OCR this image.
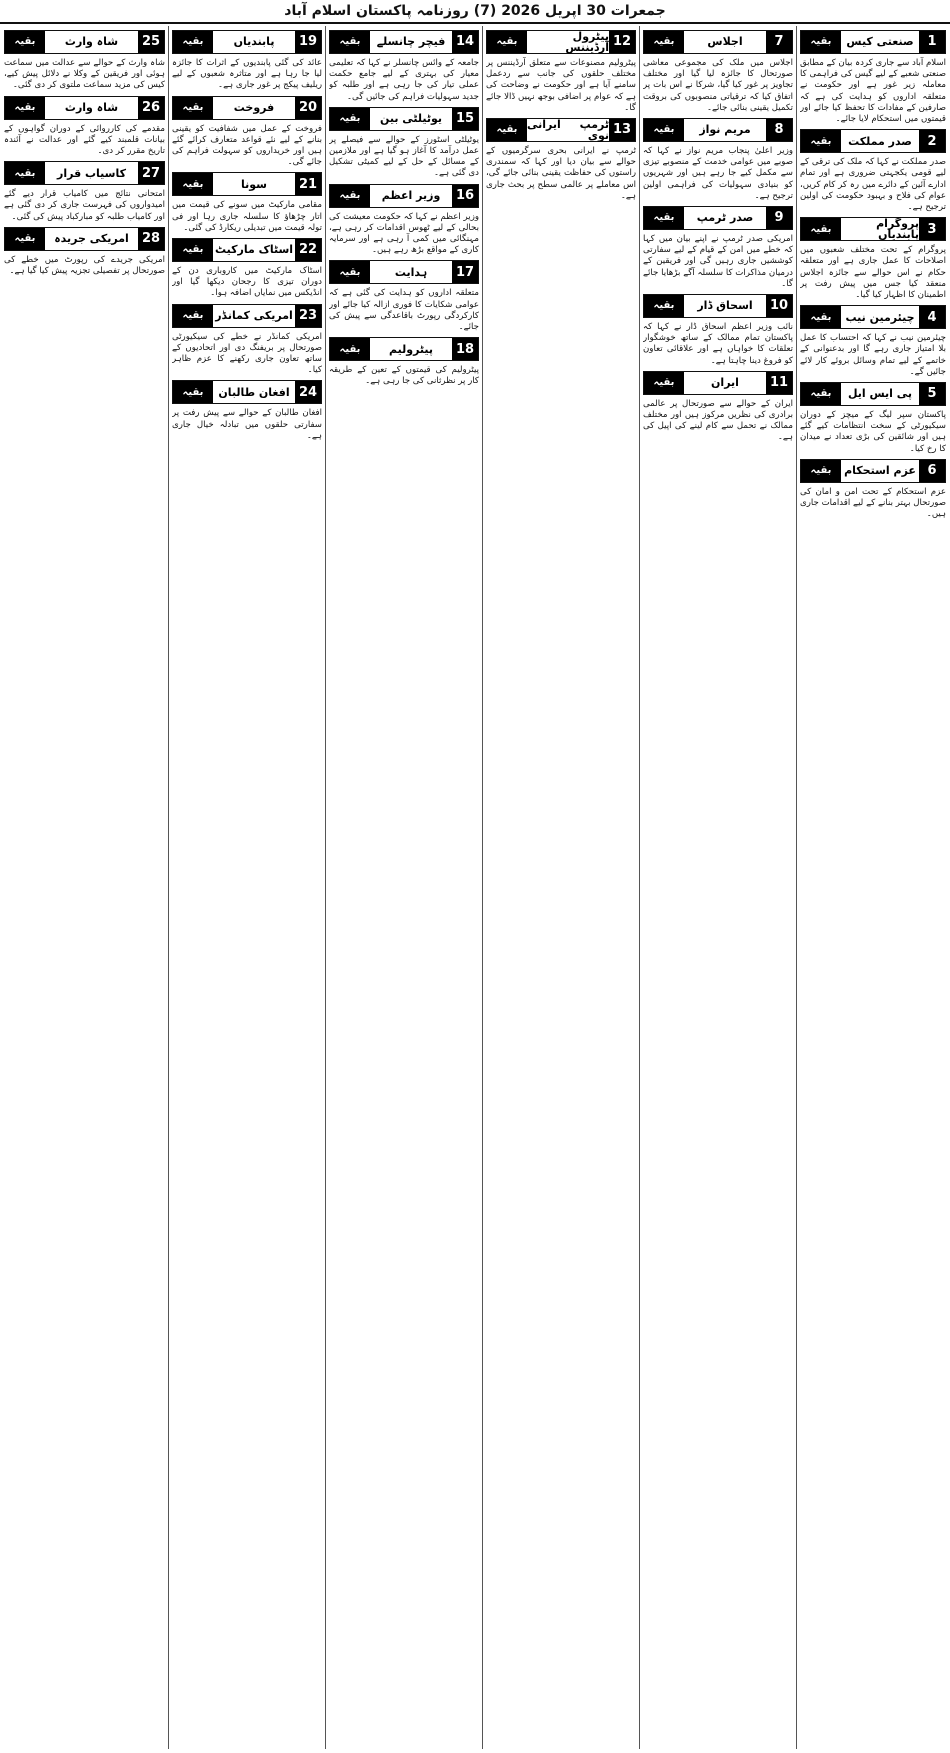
جمعرات 30 اپریل 2026 (7) روزنامہ پاکستان اسلام آباد
1
صنعتی کیس
بقیہ

اسلام آباد سے جاری کردہ بیان کے مطابق صنعتی شعبے کے لیے گیس کی فراہمی کا معاملہ زیر غور ہے اور حکومت نے متعلقہ اداروں کو ہدایت کی ہے کہ صارفین کے مفادات کا تحفظ کیا جائے اور قیمتوں میں استحکام لایا جائے۔

2
صدر مملکت
بقیہ

صدر مملکت نے کہا کہ ملک کی ترقی کے لیے قومی یکجہتی ضروری ہے اور تمام ادارے آئین کے دائرے میں رہ کر کام کریں، عوام کی فلاح و بہبود حکومت کی اولین ترجیح ہے۔

3
پروگرام پابندیاں
بقیہ

پروگرام کے تحت مختلف شعبوں میں اصلاحات کا عمل جاری ہے اور متعلقہ حکام نے اس حوالے سے جائزہ اجلاس منعقد کیا جس میں پیش رفت پر اطمینان کا اظہار کیا گیا۔

4
چیئرمین نیب
بقیہ

چیئرمین نیب نے کہا کہ احتساب کا عمل بلا امتیاز جاری رہے گا اور بدعنوانی کے خاتمے کے لیے تمام وسائل بروئے کار لائے جائیں گے۔

5
پی ایس ایل
بقیہ

پاکستان سپر لیگ کے میچز کے دوران سیکیورٹی کے سخت انتظامات کیے گئے ہیں اور شائقین کی بڑی تعداد نے میدان کا رخ کیا۔

6
عزم استحکام
بقیہ

عزم استحکام کے تحت امن و امان کی صورتحال بہتر بنانے کے لیے اقدامات جاری ہیں۔

7
اجلاس
بقیہ

اجلاس میں ملک کی مجموعی معاشی صورتحال کا جائزہ لیا گیا اور مختلف تجاویز پر غور کیا گیا، شرکا نے اس بات پر اتفاق کیا کہ ترقیاتی منصوبوں کی بروقت تکمیل یقینی بنائی جائے۔

8
مریم نواز
بقیہ

وزیر اعلیٰ پنجاب مریم نواز نے کہا کہ صوبے میں عوامی خدمت کے منصوبے تیزی سے مکمل کیے جا رہے ہیں اور شہریوں کو بنیادی سہولیات کی فراہمی اولین ترجیح ہے۔

9
صدر ٹرمپ
بقیہ

امریکی صدر ٹرمپ نے اپنے بیان میں کہا کہ خطے میں امن کے قیام کے لیے سفارتی کوششیں جاری رہیں گی اور فریقین کے درمیان مذاکرات کا سلسلہ آگے بڑھایا جائے گا۔

10
اسحاق ڈار
بقیہ

نائب وزیر اعظم اسحاق ڈار نے کہا کہ پاکستان تمام ممالک کے ساتھ خوشگوار تعلقات کا خواہاں ہے اور علاقائی تعاون کو فروغ دینا چاہتا ہے۔

11
ایران
بقیہ

ایران کے حوالے سے صورتحال پر عالمی برادری کی نظریں مرکوز ہیں اور مختلف ممالک نے تحمل سے کام لینے کی اپیل کی ہے۔

12
پیٹرول آرڈیننس
بقیہ

پیٹرولیم مصنوعات سے متعلق آرڈیننس پر مختلف حلقوں کی جانب سے ردعمل سامنے آیا ہے اور حکومت نے وضاحت کی ہے کہ عوام پر اضافی بوجھ نہیں ڈالا جائے گا۔

13
ٹرمپ ایرانی نوی
بقیہ

ٹرمپ نے ایرانی بحری سرگرمیوں کے حوالے سے بیان دیا اور کہا کہ سمندری راستوں کی حفاظت یقینی بنائی جائے گی، اس معاملے پر عالمی سطح پر بحث جاری ہے۔

14
فیچر چانسلے
بقیہ

جامعہ کے وائس چانسلر نے کہا کہ تعلیمی معیار کی بہتری کے لیے جامع حکمت عملی تیار کی جا رہی ہے اور طلبہ کو جدید سہولیات فراہم کی جائیں گی۔

15
یوٹیلٹی بین
بقیہ

یوٹیلٹی اسٹورز کے حوالے سے فیصلے پر عمل درآمد کا آغاز ہو گیا ہے اور ملازمین کے مسائل کے حل کے لیے کمیٹی تشکیل دی گئی ہے۔

16
وزیر اعظم
بقیہ

وزیر اعظم نے کہا کہ حکومت معیشت کی بحالی کے لیے ٹھوس اقدامات کر رہی ہے، مہنگائی میں کمی آ رہی ہے اور سرمایہ کاری کے مواقع بڑھ رہے ہیں۔

17
ہدایت
بقیہ

متعلقہ اداروں کو ہدایت کی گئی ہے کہ عوامی شکایات کا فوری ازالہ کیا جائے اور کارکردگی رپورٹ باقاعدگی سے پیش کی جائے۔

18
پیٹرولیم
بقیہ

پیٹرولیم کی قیمتوں کے تعین کے طریقہ کار پر نظرثانی کی جا رہی ہے۔

19
پابندیاں
بقیہ

عائد کی گئی پابندیوں کے اثرات کا جائزہ لیا جا رہا ہے اور متاثرہ شعبوں کے لیے ریلیف پیکج پر غور جاری ہے۔

20
فروخت
بقیہ

فروخت کے عمل میں شفافیت کو یقینی بنانے کے لیے نئے قواعد متعارف کرائے گئے ہیں اور خریداروں کو سہولت فراہم کی جائے گی۔

21
سونا
بقیہ

مقامی مارکیٹ میں سونے کی قیمت میں اتار چڑھاؤ کا سلسلہ جاری رہا اور فی تولہ قیمت میں تبدیلی ریکارڈ کی گئی۔

22
اسٹاک مارکیٹ
بقیہ

اسٹاک مارکیٹ میں کاروباری دن کے دوران تیزی کا رجحان دیکھا گیا اور انڈیکس میں نمایاں اضافہ ہوا۔

23
امریکی کمانڈر
بقیہ

امریکی کمانڈر نے خطے کی سیکیورٹی صورتحال پر بریفنگ دی اور اتحادیوں کے ساتھ تعاون جاری رکھنے کا عزم ظاہر کیا۔

24
افغان طالبان
بقیہ

افغان طالبان کے حوالے سے پیش رفت پر سفارتی حلقوں میں تبادلہ خیال جاری ہے۔

25
شاہ وارث
بقیہ

شاہ وارث کے حوالے سے عدالت میں سماعت ہوئی اور فریقین کے وکلا نے دلائل پیش کیے، کیس کی مزید سماعت ملتوی کر دی گئی۔

26
شاہ وارث
بقیہ

مقدمے کی کارروائی کے دوران گواہوں کے بیانات قلمبند کیے گئے اور عدالت نے آئندہ تاریخ مقرر کر دی۔

27
کاسیاب قرار
بقیہ

امتحانی نتائج میں کامیاب قرار دیے گئے امیدواروں کی فہرست جاری کر دی گئی ہے اور کامیاب طلبہ کو مبارکباد پیش کی گئی۔

28
امریکی جریدہ
بقیہ

امریکی جریدے کی رپورٹ میں خطے کی صورتحال پر تفصیلی تجزیہ پیش کیا گیا ہے۔
